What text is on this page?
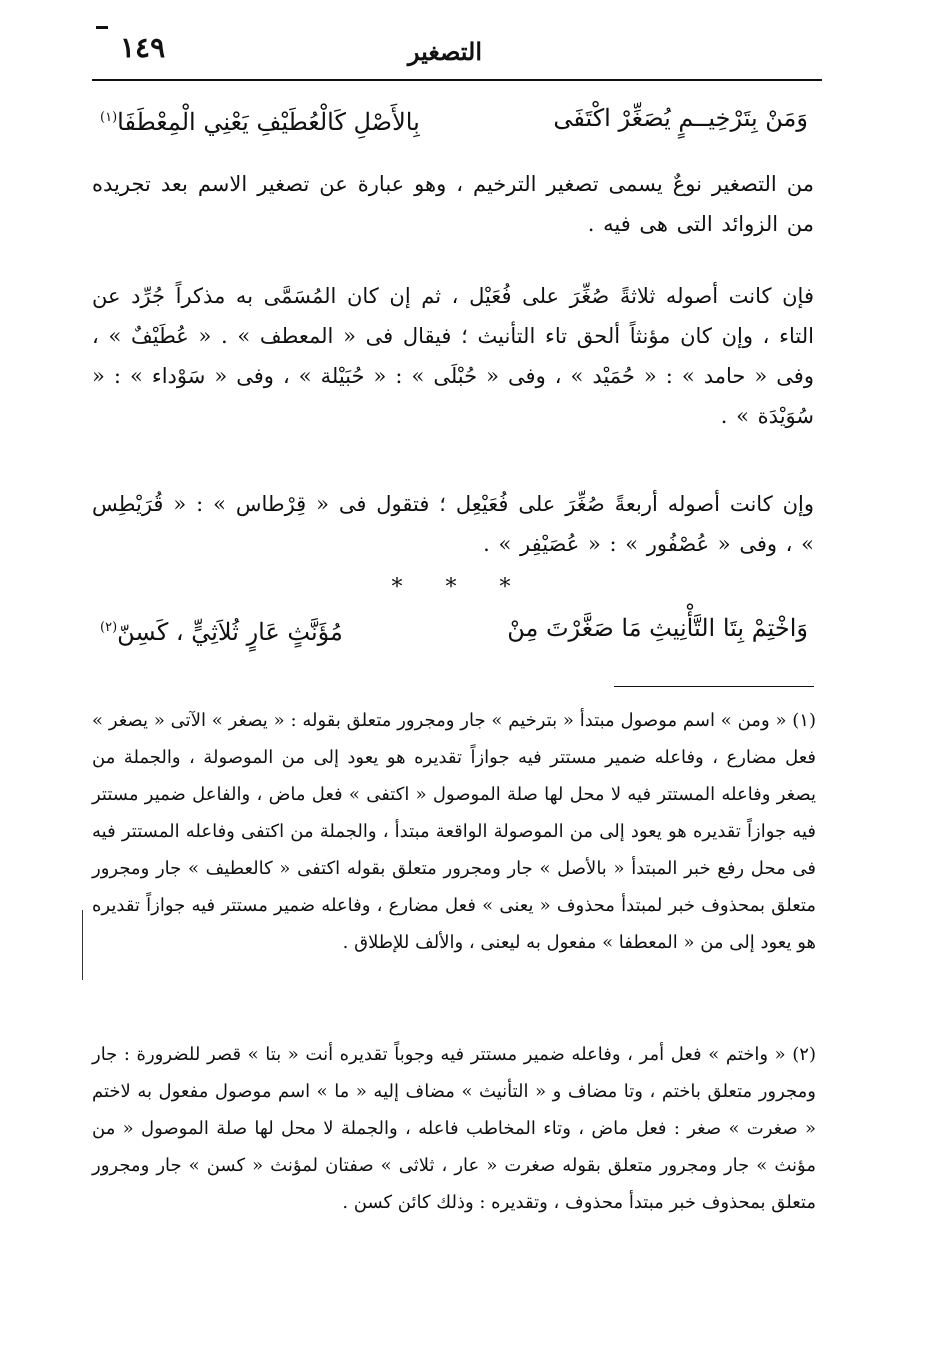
التصغير
١٤٩
وَمَنْ بِتَرْخِيــمٍ يُصَغِّرْ اكْتَفَى
بِالأَصْلِ كَالْعُطَيْفِ يَعْنِي الْمِعْطَفَا$^{(١)}$

من التصغير نوعٌ يسمى تصغير الترخيم ، وهو عبارة عن تصغير الاسم بعد تجريده من الزوائد التى هى فيه .

فإن كانت أصوله ثلاثةً صُغِّرَ على فُعَيْل ، ثم إن كان المُسَمَّى به مذكراً جُرِّد عن التاء ، وإن كان مؤنثاً ألحق تاء التأنيث ؛ فيقال فى « المعطف » . « عُطَيْفٌ » ، وفى « حامد » : « حُمَيْد » ، وفى « حُبْلَى » : « حُبَيْلة » ، وفى « سَوْداء » : « سُوَيْدَة » .

وإن كانت أصوله أربعةً صُغِّرَ على فُعَيْعِل ؛ فتقول فى « قِرْطاس » : « قُرَيْطِس » ، وفى « عُصْفُور » : « عُصَيْفِر » .

* * *
وَاخْتِمْ بِتَا التَّأْنِيثِ مَا صَغَّرْتَ مِنْ
مُؤَنَّثٍ عَارٍ ثُلاَثِيٍّ ، كَسِنّ$^{(٢)}$

(١) « ومن » اسم موصول مبتدأ « بترخيم » جار ومجرور متعلق بقوله : « يصغر » الآتى « يصغر » فعل مضارع ، وفاعله ضمير مستتر فيه جوازاً تقديره هو يعود إلى من الموصولة ، والجملة من يصغر وفاعله المستتر فيه لا محل لها صلة الموصول « اكتفى » فعل ماض ، والفاعل ضمير مستتر فيه جوازاً تقديره هو يعود إلى من الموصولة الواقعة مبتدأ ، والجملة من اكتفى وفاعله المستتر فيه فى محل رفع خبر المبتدأ « بالأصل » جار ومجرور متعلق بقوله اكتفى « كالعطيف » جار ومجرور متعلق بمحذوف خبر لمبتدأ محذوف « يعنى » فعل مضارع ، وفاعله ضمير مستتر فيه جوازاً تقديره هو يعود إلى من « المعطفا » مفعول به ليعنى ، والألف للإطلاق .

(٢) « واختم » فعل أمر ، وفاعله ضمير مستتر فيه وجوباً تقديره أنت « بتا » قصر للضرورة : جار ومجرور متعلق باختم ، وتا مضاف و « التأنيث » مضاف إليه « ما » اسم موصول مفعول به لاختم « صغرت » صغر : فعل ماض ، وتاء المخاطب فاعله ، والجملة لا محل لها صلة الموصول « من مؤنث » جار ومجرور متعلق بقوله صغرت « عار ، ثلاثى » صفتان لمؤنث « كسن » جار ومجرور متعلق بمحذوف خبر مبتدأ محذوف ، وتقديره : وذلك كائن كسن .
